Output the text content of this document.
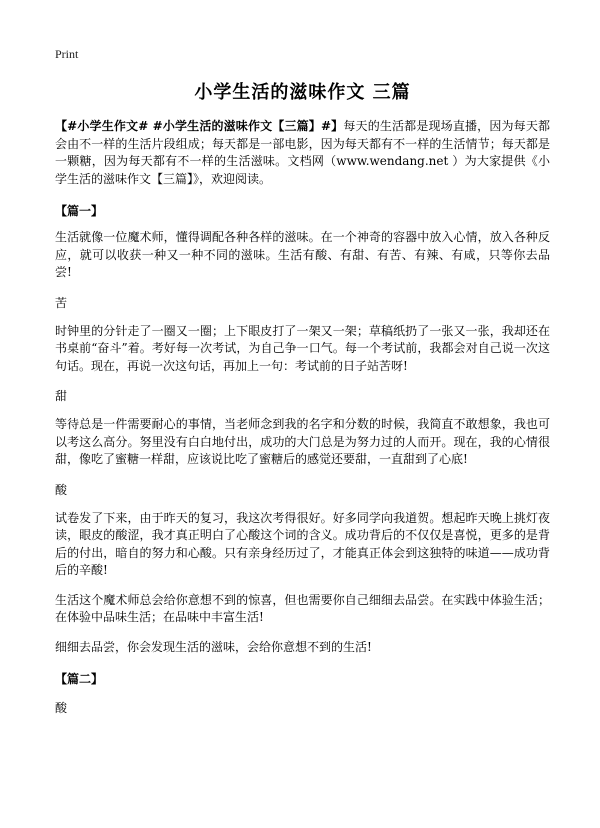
Print
小学生活的滋味作文 三篇

【#小学生作文# #小学生活的滋味作文【三篇】#】每天的生活都是现场直播，因为每天都会由不一样的生活片段组成；每天都是一部电影，因为每天都有不一样的生活情节；每天都是一颗糖，因为每天都有不一样的生活滋味。文档网（www.wendang.net ）为大家提供《小学生活的滋味作文【三篇】》，欢迎阅读。

【篇一】

生活就像一位魔术师，懂得调配各种各样的滋味。在一个神奇的容器中放入心情，放入各种反应，就可以收获一种又一种不同的滋味。生活有酸、有甜、有苦、有辣、有咸，只等你去品尝!

苦

时钟里的分针走了一圈又一圈；上下眼皮打了一架又一架；草稿纸扔了一张又一张，我却还在书桌前“奋斗”着。考好每一次考试，为自己争一口气。每一个考试前，我都会对自己说一次这句话。现在，再说一次这句话，再加上一句：考试前的日子站苦呀!

甜

等待总是一件需要耐心的事情，当老师念到我的名字和分数的时候，我简直不敢想象，我也可以考这么高分。努里没有白白地付出，成功的大门总是为努力过的人而开。现在，我的心情很甜，像吃了蜜糖一样甜，应该说比吃了蜜糖后的感觉还要甜，一直甜到了心底!

酸

试卷发了下来，由于昨天的复习，我这次考得很好。好多同学向我道贺。想起昨天晚上挑灯夜读，眼皮的酸涩，我才真正明白了心酸这个词的含义。成功背后的不仅仅是喜悦，更多的是背后的付出，暗自的努力和心酸。只有亲身经历过了，才能真正体会到这独特的味道——成功背后的辛酸!

生活这个魔术师总会给你意想不到的惊喜，但也需要你自己细细去品尝。在实践中体验生活；在体验中品味生活；在品味中丰富生活!

细细去品尝，你会发现生活的滋味，会给你意想不到的生活!

【篇二】
酸
